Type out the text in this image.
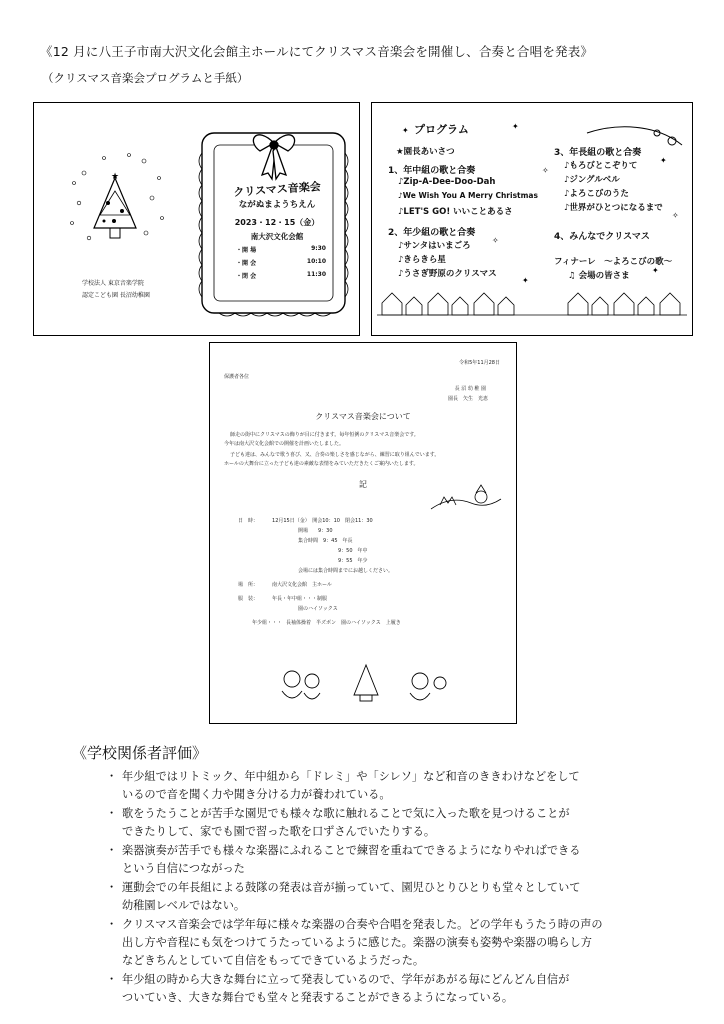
《12 月に八王子市南大沢文化会館主ホールにてクリスマス音楽会を開催し、合奏と合唱を発表》
（クリスマス音楽会プログラムと手紙）
★
クリスマス音楽会
ながぬまようちえん
2023・12・15（金）
南大沢文化会館
・開 場	9:30
・開 会	10:10
・閉 会	11:30
学校法人 東京音楽学院
認定こども園 長沼幼稚園
✦	✦
✧
✦
✧
✦
✦
✧
プログラム
★園長あいさつ
1、年中組の歌と合奏
♪Zip-A-Dee-Doo-Dah
♪We Wish You A Merry Christmas
♪LET'S GO! いいことあるさ
2、年少組の歌と合奏
♪サンタはいまごろ
♪きらきら星
♪うさぎ野原のクリスマス
3、年長組の歌と合奏
♪もろびとこぞりて
♪ジングルベル
♪よろこびのうた
♪世界がひとつになるまで
4、みんなでクリスマス
フィナーレ　～よろこびの歌～
♫ 会場の皆さま
令和5年11月28日
保護者各位
長 沼 幼 稚 園
園長　矢生　光恵
クリスマス音楽会について
師走の街中にクリスマスの飾りが目に付きます。毎年恒例のクリスマス音楽会です。
今年は南大沢文化会館での開催を計画いたしました。
子ども達は、みんなで歌う喜び、又、合奏の楽しさを感じながら、練習に取り組んでいます。
ホールの大舞台に立った子ども達の素敵な表情をみていただきたくご案内いたします。
記
日　時：	12月15日（金）　開会10：10　閉会11：30
開場　　9：30
集合時間　9：45　年長
9：50　年中
9：55　年少
会場には集合時間までにお越しください。
場　所：	南大沢文化会館　主ホール
服　装：	年長・年中組・・・制服
園のハイソックス
年少組・・・ 長袖体操着　半ズボン　園のハイソックス　上履き
《学校関係者評価》
・ 年少組ではリトミック、年中組から「ドレミ」や「シレソ」など和音のききわけなどをして
いるので音を聞く力や聞き分ける力が養われている。
・ 歌をうたうことが苦手な園児でも様々な歌に触れることで気に入った歌を見つけることが
できたりして、家でも園で習った歌を口ずさんでいたりする。
・ 楽器演奏が苦手でも様々な楽器にふれることで練習を重ねてできるようになりやればできる
という自信につながった
・ 運動会での年長組による鼓隊の発表は音が揃っていて、園児ひとりひとりも堂々としていて
幼稚園レベルではない。
・ クリスマス音楽会では学年毎に様々な楽器の合奏や合唱を発表した。どの学年もうたう時の声の
出し方や音程にも気をつけてうたっているように感じた。楽器の演奏も姿勢や楽器の鳴らし方
などきちんとしていて自信をもってできているようだった。
・ 年少組の時から大きな舞台に立って発表しているので、学年があがる毎にどんどん自信が
ついていき、大きな舞台でも堂々と発表することができるようになっている。
